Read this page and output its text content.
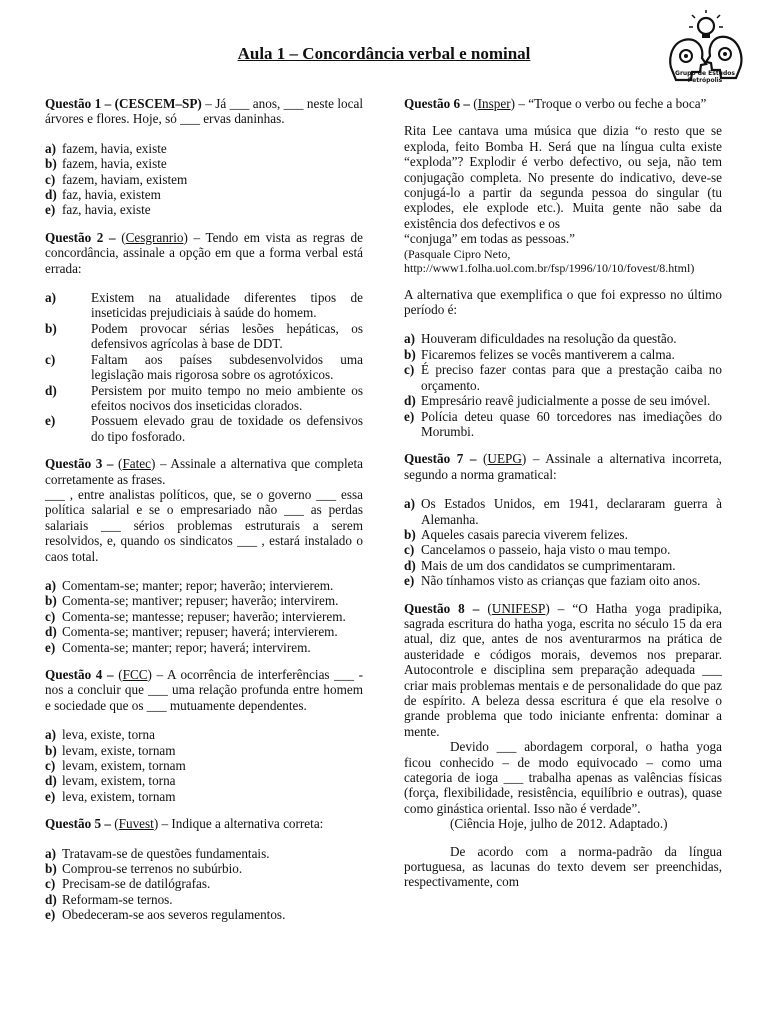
Aula 1 – Concordância verbal e nominal
Grupo de Estudos
Petrópolis

Questão 1 – (CESCEM–SP) – Já ___ anos, ___ neste local árvores e flores. Hoje, só ___ ervas daninhas.

a) fazem, havia, existe
b) fazem, havia, existe
c) fazem, haviam, existem
d) faz, havia, existem
e) faz, havia, existe

Questão 2 – (Cesgranrio) – Tendo em vista as regras de concordância, assinale a opção em que a forma verbal está errada:

a)	Existem na atualidade diferentes tipos de inseticidas prejudiciais à saúde do homem.
b)	Podem provocar sérias lesões hepáticas, os defensivos agrícolas à base de DDT.
c)	Faltam aos países subdesenvolvidos uma legislação mais rigorosa sobre os agrotóxicos.
d)	Persistem por muito tempo no meio ambiente os efeitos nocivos dos inseticidas clorados.
e)	Possuem elevado grau de toxidade os defensivos do tipo fosforado.

Questão 3 – (Fatec) – Assinale a alternativa que completa corretamente as frases.

___ , entre analistas políticos, que, se o governo ___ essa política salarial e se o empresariado não ___ as perdas salariais ___ sérios problemas estruturais a serem resolvidos, e, quando os sindicatos ___ , estará instalado o caos total.

a) Comentam-se; manter; repor; haverão; intervierem.
b) Comenta-se; mantiver; repuser; haverão; intervirem.
c) Comenta-se; mantesse; repuser; haverão; intervierem.
d) Comenta-se; mantiver; repuser; haverá; intervierem.
e) Comenta-se; manter; repor; haverá; intervirem.

Questão 4 – (FCC) – A ocorrência de interferências ___ -nos a concluir que ___ uma relação profunda entre homem e sociedade que os ___ mutuamente dependentes.

a) leva, existe, torna
b) levam, existe, tornam
c) levam, existem, tornam
d) levam, existem, torna
e) leva, existem, tornam

Questão 5 – (Fuvest) – Indique a alternativa correta:

a) Tratavam-se de questões fundamentais.
b) Comprou-se terrenos no subúrbio.
c) Precisam-se de datilógrafas.
d) Reformam-se ternos.
e) Obedeceram-se aos severos regulamentos.

Questão 6 – (Insper) – “Troque o verbo ou feche a boca”

Rita Lee cantava uma música que dizia “o resto que se exploda, feito Bomba H. Será que na língua culta existe “exploda”? Explodir é verbo defectivo, ou seja, não tem conjugação completa. No presente do indicativo, deve-se conjugá-lo a partir da segunda pessoa do singular (tu explodes, ele explode etc.). Muita gente não sabe da existência dos defectivos e os

“conjuga” em todas as pessoas.”

(Pasquale Cipro Neto,

http://www1.folha.uol.com.br/fsp/1996/10/10/fovest/8.html)

A alternativa que exemplifica o que foi expresso no último período é:

a) Houveram dificuldades na resolução da questão.
b) Ficaremos felizes se vocês mantiverem a calma.
c) É preciso fazer contas para que a prestação caiba no orçamento.
d) Empresário reavê judicialmente a posse de seu imóvel.
e) Polícia deteu quase 60 torcedores nas imediações do Morumbi.

Questão 7 – (UEPG) – Assinale a alternativa incorreta, segundo a norma gramatical:

a) Os Estados Unidos, em 1941, declararam guerra à Alemanha.
b) Aqueles casais parecia viverem felizes.
c) Cancelamos o passeio, haja visto o mau tempo.
d) Mais de um dos candidatos se cumprimentaram.
e) Não tínhamos visto as crianças que faziam oito anos.

Questão 8 – (UNIFESP) – “O Hatha yoga pradipika, sagrada escritura do hatha yoga, escrita no século 15 da era atual, diz que, antes de nos aventurarmos na prática de austeridade e códigos morais, devemos nos preparar. Autocontrole e disciplina sem preparação adequada ___ criar mais problemas mentais e de personalidade do que paz de espírito. A beleza dessa escritura é que ela resolve o grande problema que todo iniciante enfrenta: dominar a mente.

Devido ___ abordagem corporal, o hatha yoga ficou conhecido – de modo equivocado – como uma categoria de ioga ___ trabalha apenas as valências físicas (força, flexibilidade, resistência, equilíbrio e outras), quase como ginástica oriental. Isso não é verdade”.

(Ciência Hoje, julho de 2012. Adaptado.)

De acordo com a norma-padrão da língua portuguesa, as lacunas do texto devem ser preenchidas, respectivamente, com
